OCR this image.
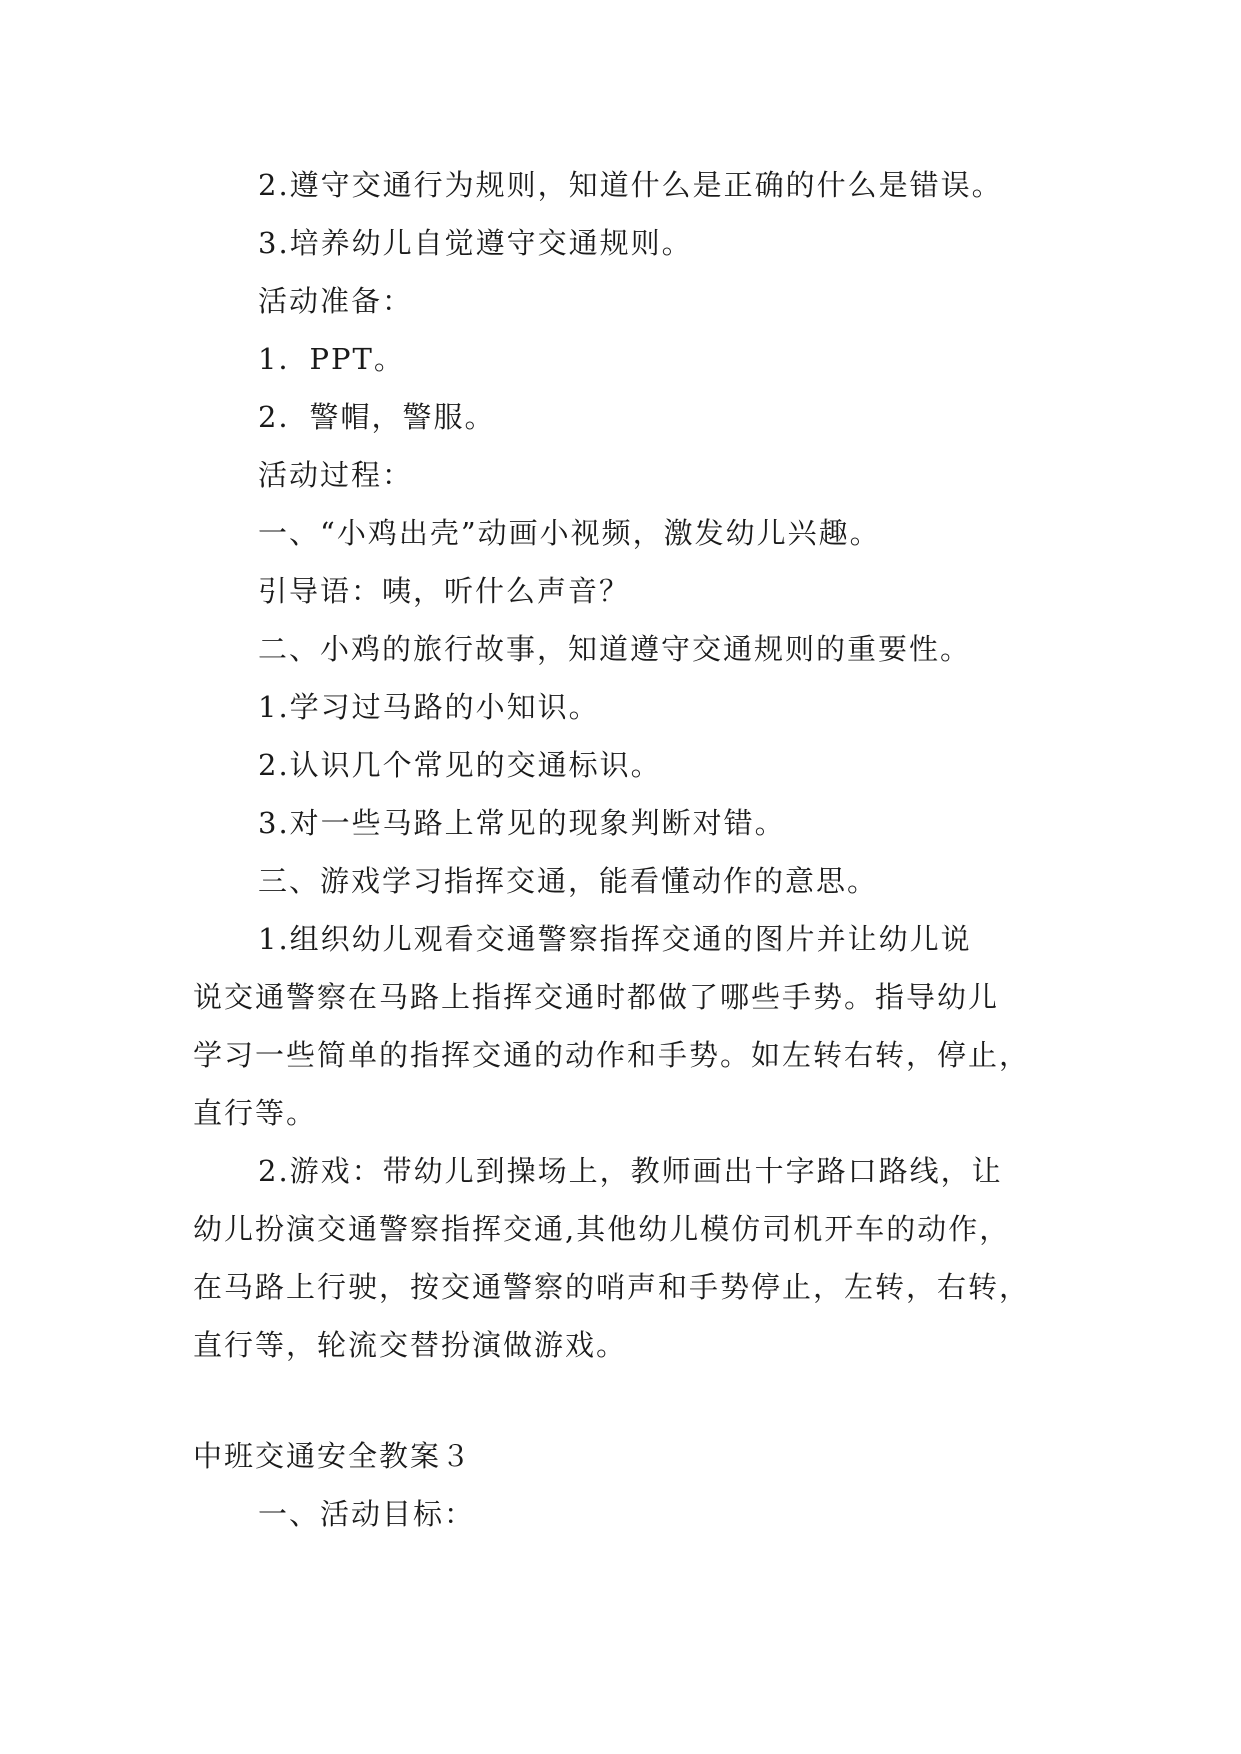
2.遵守交通行为规则，知道什么是正确的什么是错误。
3.培养幼儿自觉遵守交通规则。
活动准备：
1．PPT。
2．警帽，警服。
活动过程：
一、“小鸡出壳”动画小视频，激发幼儿兴趣。
引导语：咦，听什么声音？
二、小鸡的旅行故事，知道遵守交通规则的重要性。
1.学习过马路的小知识。
2.认识几个常见的交通标识。
3.对一些马路上常见的现象判断对错。
三、游戏学习指挥交通，能看懂动作的意思。
1.组织幼儿观看交通警察指挥交通的图片并让幼儿说
说交通警察在马路上指挥交通时都做了哪些手势。指导幼儿
学习一些简单的指挥交通的动作和手势。如左转右转，停止，
直行等。
2.游戏：带幼儿到操场上，教师画出十字路口路线，让
幼儿扮演交通警察指挥交通,其他幼儿模仿司机开车的动作，
在马路上行驶，按交通警察的哨声和手势停止，左转，右转，
直行等，轮流交替扮演做游戏。
中班交通安全教案３
一、活动目标：
